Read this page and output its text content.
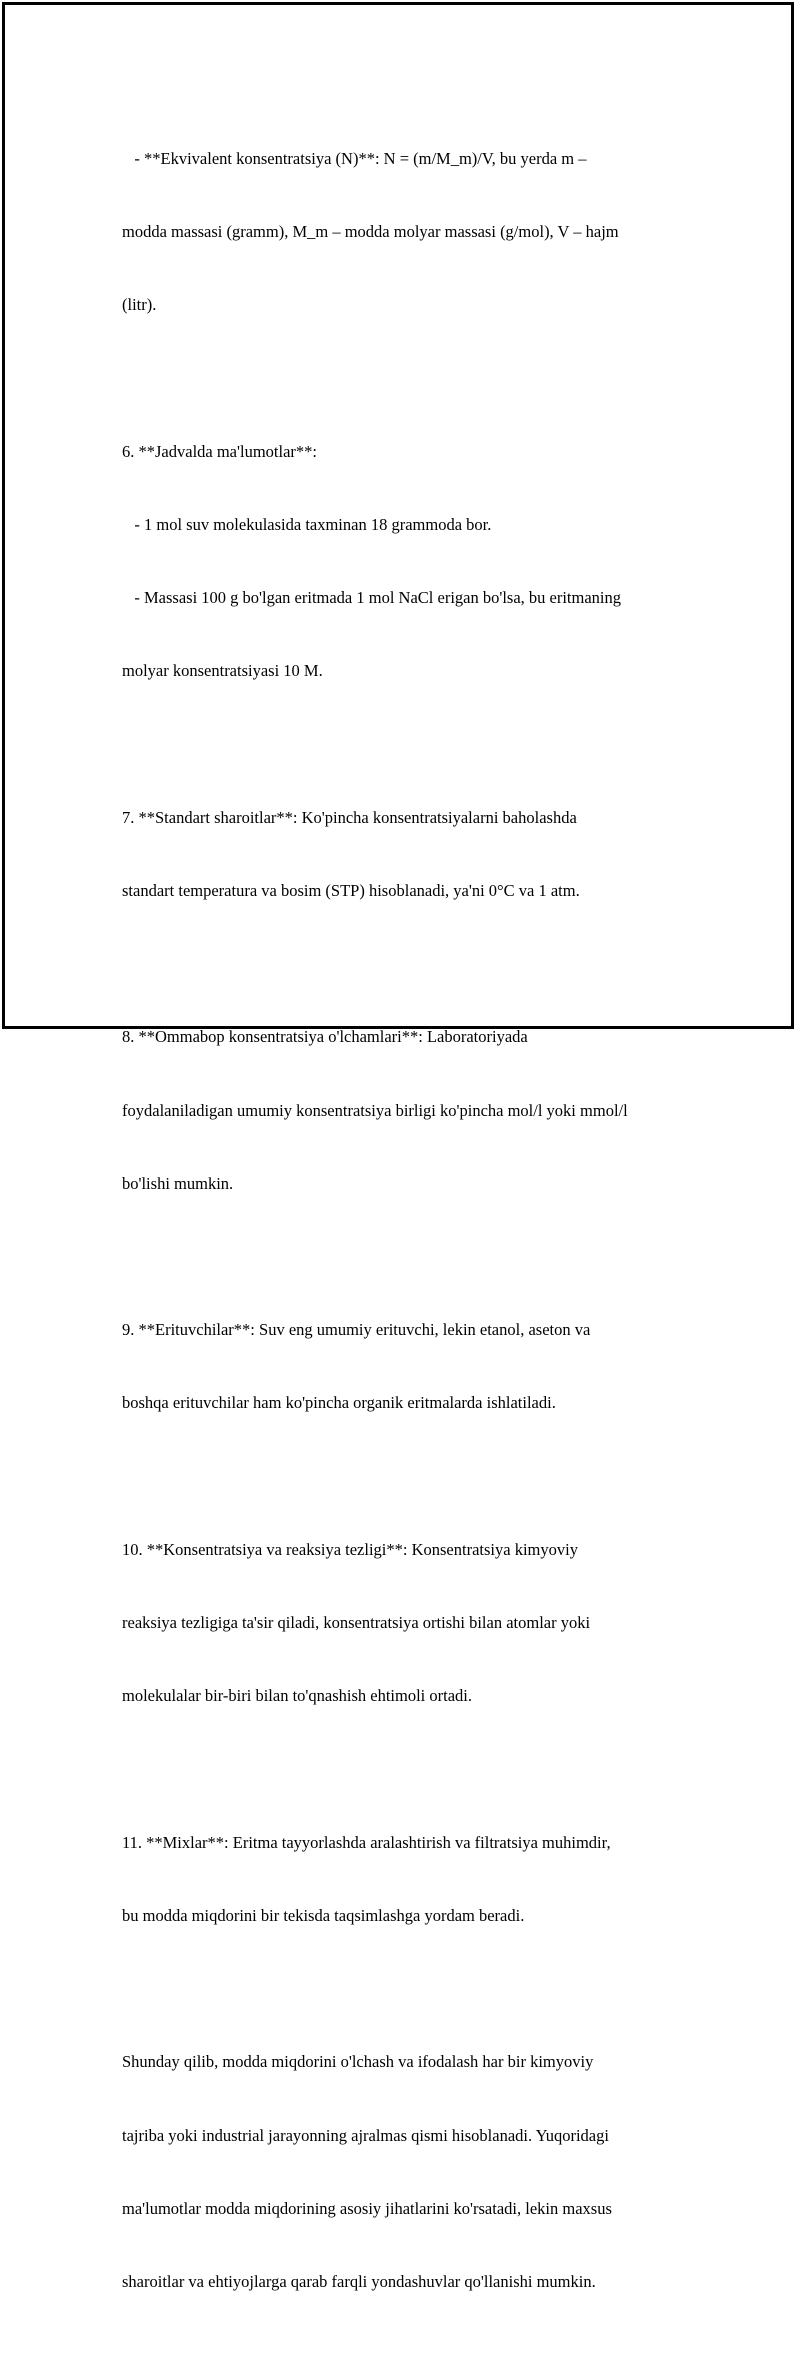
- **Ekvivalent konsentratsiya (N)**: N = (m/M_m)/V, bu yerda m –

modda massasi (gramm), M_m – modda molyar massasi (g/mol), V – hajm

(litr).

6. **Jadvalda ma'lumotlar**:

- 1 mol suv molekulasida taxminan 18 grammoda bor.

- Massasi 100 g bo'lgan eritmada 1 mol NaCl erigan bo'lsa, bu eritmaning

molyar konsentratsiyasi 10 M.

7. **Standart sharoitlar**: Ko'pincha konsentratsiyalarni baholashda

standart temperatura va bosim (STP) hisoblanadi, ya'ni 0°C va 1 atm.

8. **Ommabop konsentratsiya o'lchamlari**: Laboratoriyada

foydalaniladigan umumiy konsentratsiya birligi ko'pincha mol/l yoki mmol/l

bo'lishi mumkin.

9. **Erituvchilar**: Suv eng umumiy erituvchi, lekin etanol, aseton va

boshqa erituvchilar ham ko'pincha organik eritmalarda ishlatiladi.

10. **Konsentratsiya va reaksiya tezligi**: Konsentratsiya kimyoviy

reaksiya tezligiga ta'sir qiladi, konsentratsiya ortishi bilan atomlar yoki

molekulalar bir-biri bilan to'qnashish ehtimoli ortadi.

11. **Mixlar**: Eritma tayyorlashda aralashtirish va filtratsiya muhimdir,

bu modda miqdorini bir tekisda taqsimlashga yordam beradi.

Shunday qilib, modda miqdorini o'lchash va ifodalash har bir kimyoviy

tajriba yoki industrial jarayonning ajralmas qismi hisoblanadi. Yuqoridagi

ma'lumotlar modda miqdorining asosiy jihatlarini ko'rsatadi, lekin maxsus

sharoitlar va ehtiyojlarga qarab farqli yondashuvlar qo'llanishi mumkin.
